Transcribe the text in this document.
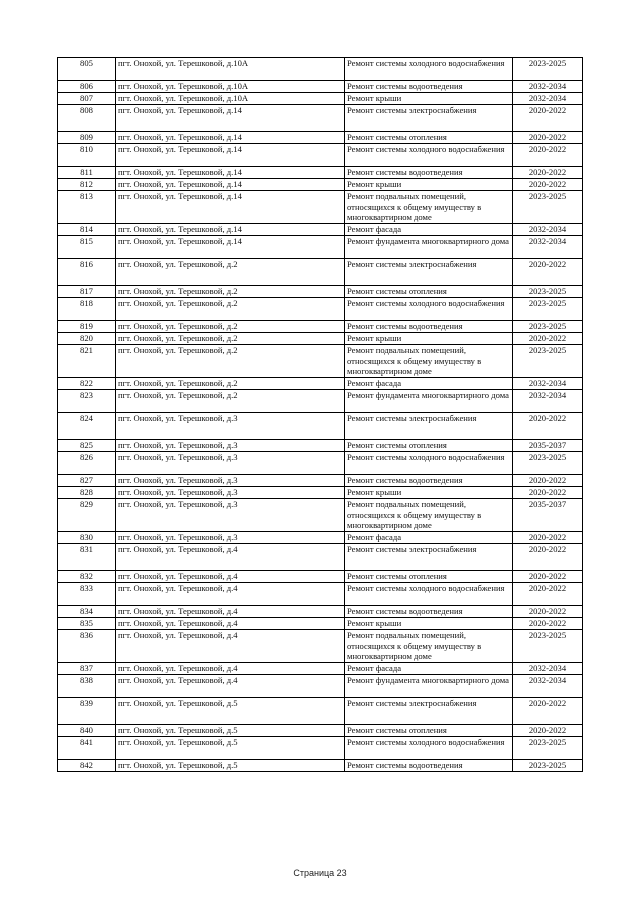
805	пгт. Онохой, ул. Терешковой, д.10А	Ремонт системы холодного водоснабжения	2023-2025
806	пгт. Онохой, ул. Терешковой, д.10А	Ремонт системы водоотведения	2032-2034
807	пгт. Онохой, ул. Терешковой, д.10А	Ремонт крыши	2032-2034
808	пгт. Онохой, ул. Терешковой, д.14	Ремонт системы электроснабжения	2020-2022
809	пгт. Онохой, ул. Терешковой, д.14	Ремонт системы отопления	2020-2022
810	пгт. Онохой, ул. Терешковой, д.14	Ремонт системы холодного водоснабжения	2020-2022
811	пгт. Онохой, ул. Терешковой, д.14	Ремонт системы водоотведения	2020-2022
812	пгт. Онохой, ул. Терешковой, д.14	Ремонт крыши	2020-2022
813	пгт. Онохой, ул. Терешковой, д.14	Ремонт подвальных помещений, относящихся к общему имуществу в многоквартирном доме	2023-2025
814	пгт. Онохой, ул. Терешковой, д.14	Ремонт фасада	2032-2034
815	пгт. Онохой, ул. Терешковой, д.14	Ремонт фундамента многоквартирного дома	2032-2034
816	пгт. Онохой, ул. Терешковой, д.2	Ремонт системы электроснабжения	2020-2022
817	пгт. Онохой, ул. Терешковой, д.2	Ремонт системы отопления	2023-2025
818	пгт. Онохой, ул. Терешковой, д.2	Ремонт системы холодного водоснабжения	2023-2025
819	пгт. Онохой, ул. Терешковой, д.2	Ремонт системы водоотведения	2023-2025
820	пгт. Онохой, ул. Терешковой, д.2	Ремонт крыши	2020-2022
821	пгт. Онохой, ул. Терешковой, д.2	Ремонт подвальных помещений, относящихся к общему имуществу в многоквартирном доме	2023-2025
822	пгт. Онохой, ул. Терешковой, д.2	Ремонт фасада	2032-2034
823	пгт. Онохой, ул. Терешковой, д.2	Ремонт фундамента многоквартирного дома	2032-2034
824	пгт. Онохой, ул. Терешковой, д.3	Ремонт системы электроснабжения	2020-2022
825	пгт. Онохой, ул. Терешковой, д.3	Ремонт системы отопления	2035-2037
826	пгт. Онохой, ул. Терешковой, д.3	Ремонт системы холодного водоснабжения	2023-2025
827	пгт. Онохой, ул. Терешковой, д.3	Ремонт системы водоотведения	2020-2022
828	пгт. Онохой, ул. Терешковой, д.3	Ремонт крыши	2020-2022
829	пгт. Онохой, ул. Терешковой, д.3	Ремонт подвальных помещений, относящихся к общему имуществу в многоквартирном доме	2035-2037
830	пгт. Онохой, ул. Терешковой, д.3	Ремонт фасада	2020-2022
831	пгт. Онохой, ул. Терешковой, д.4	Ремонт системы электроснабжения	2020-2022
832	пгт. Онохой, ул. Терешковой, д.4	Ремонт системы отопления	2020-2022
833	пгт. Онохой, ул. Терешковой, д.4	Ремонт системы холодного водоснабжения	2020-2022
834	пгт. Онохой, ул. Терешковой, д.4	Ремонт системы водоотведения	2020-2022
835	пгт. Онохой, ул. Терешковой, д.4	Ремонт крыши	2020-2022
836	пгт. Онохой, ул. Терешковой, д.4	Ремонт подвальных помещений, относящихся к общему имуществу в многоквартирном доме	2023-2025
837	пгт. Онохой, ул. Терешковой, д.4	Ремонт фасада	2032-2034
838	пгт. Онохой, ул. Терешковой, д.4	Ремонт фундамента многоквартирного дома	2032-2034
839	пгт. Онохой, ул. Терешковой, д.5	Ремонт системы электроснабжения	2020-2022
840	пгт. Онохой, ул. Терешковой, д.5	Ремонт системы отопления	2020-2022
841	пгт. Онохой, ул. Терешковой, д.5	Ремонт системы холодного водоснабжения	2023-2025
842	пгт. Онохой, ул. Терешковой, д.5	Ремонт системы водоотведения	2023-2025
Страница 23
